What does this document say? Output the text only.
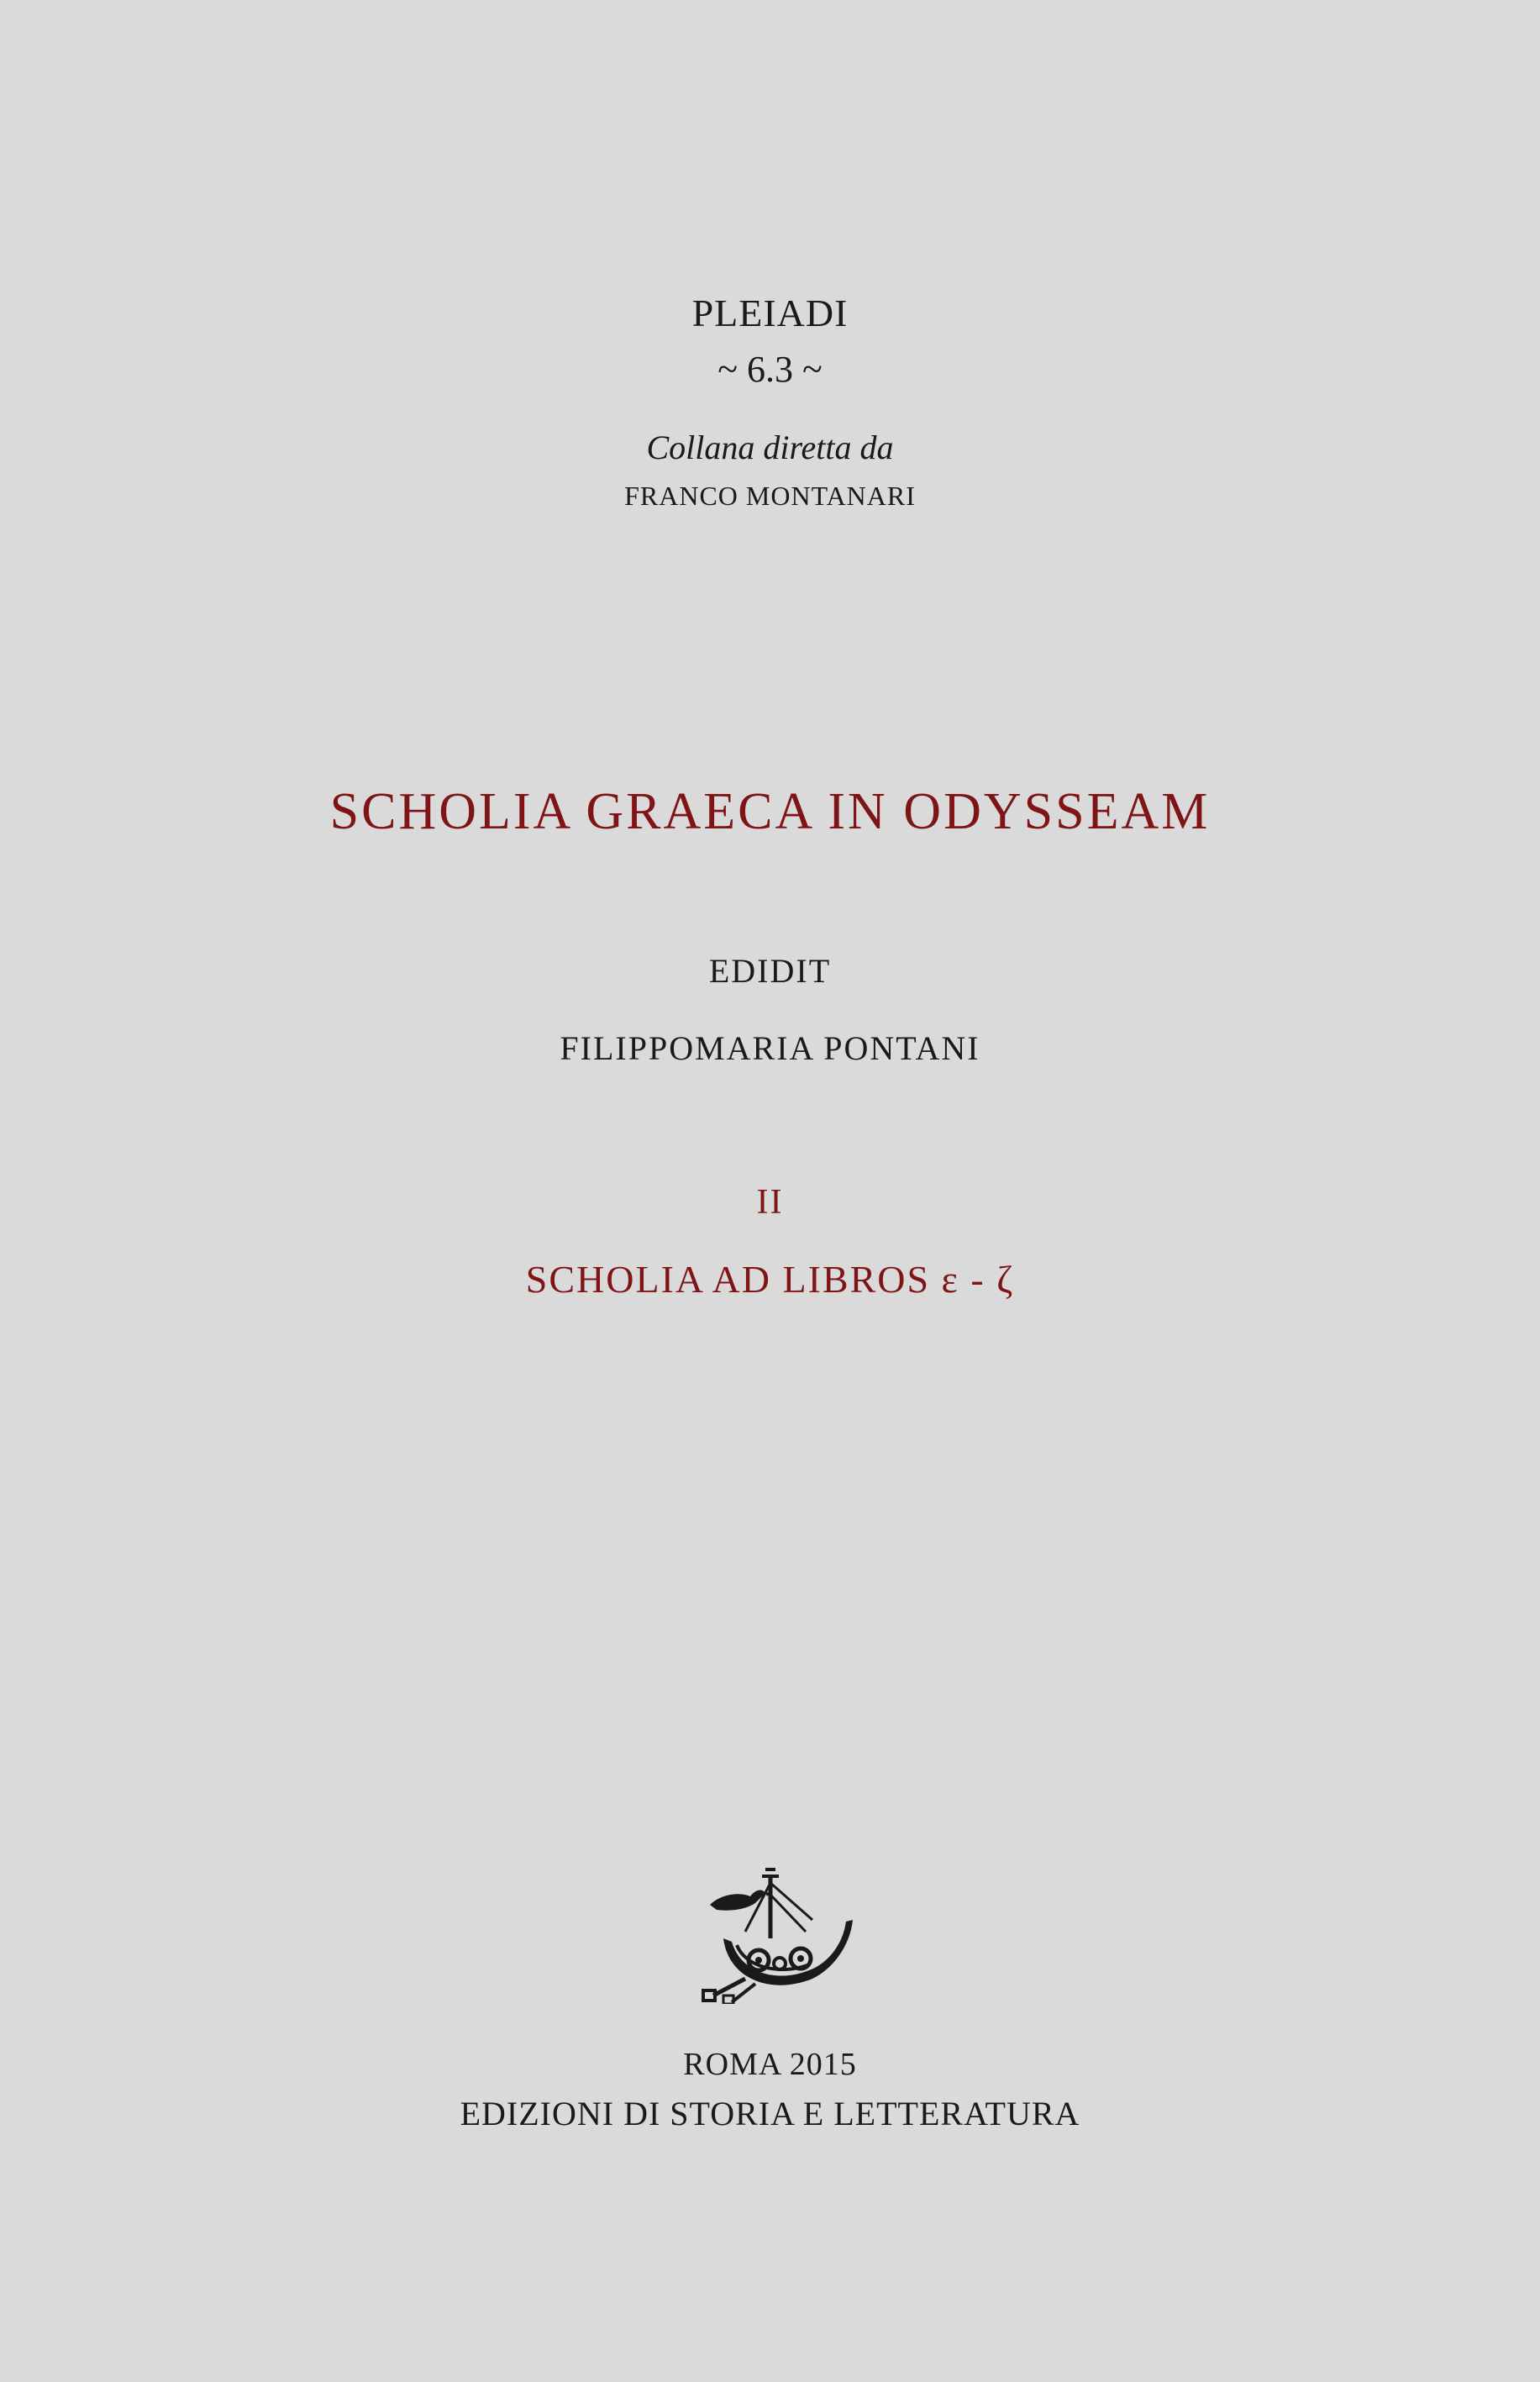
PLEIADI
~ 6.3 ~
Collana diretta da
FRANCO MONTANARI
SCHOLIA GRAECA IN ODYSSEAM
EDIDIT
FILIPPOMARIA PONTANI
II
SCHOLIA AD LIBROS ε - ζ
ROMA 2015
EDIZIONI DI STORIA E LETTERATURA
